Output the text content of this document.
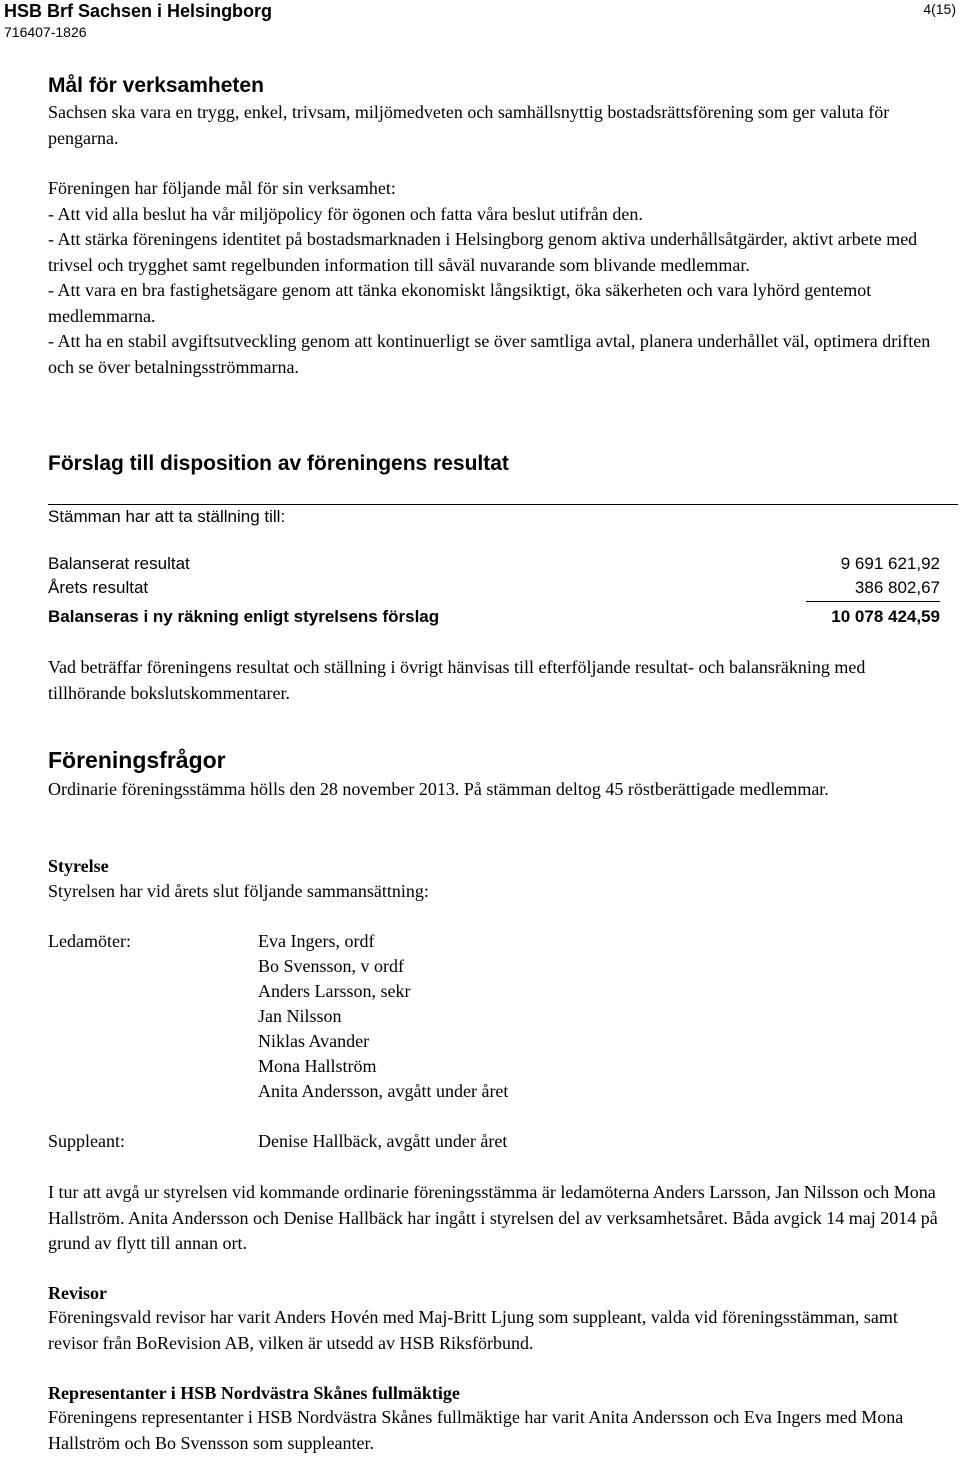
HSB Brf Sachsen i Helsingborg
716407-1826
4(15)
Mål för verksamheten

Sachsen ska vara en trygg, enkel, trivsam, miljömedveten och samhällsnyttig bostadsrättsförening som ger valuta för pengarna.

Föreningen har följande mål för sin verksamhet:

- Att vid alla beslut ha vår miljöpolicy för ögonen och fatta våra beslut utifrån den.
- Att stärka föreningens identitet på bostadsmarknaden i Helsingborg genom aktiva underhållsåtgärder, aktivt arbete med trivsel och trygghet samt regelbunden information till såväl nuvarande som blivande medlemmar.
- Att vara en bra fastighetsägare genom att tänka ekonomiskt långsiktigt, öka säkerheten och vara lyhörd gentemot medlemmarna.
- Att ha en stabil avgiftsutveckling genom att kontinuerligt se över samtliga avtal, planera underhållet väl, optimera driften och se över betalningsströmmarna.
Förslag till disposition av föreningens resultat
Stämman har att ta ställning till:
Balanserat resultat	9 691 621,92
Årets resultat	386 802,67
Balanseras i ny räkning enligt styrelsens förslag	10 078 424,59

Vad beträffar föreningens resultat och ställning i övrigt hänvisas till efterföljande resultat- och balansräkning med tillhörande bokslutskommentarer.

Föreningsfrågor

Ordinarie föreningsstämma hölls den 28 november 2013. På stämman deltog 45 röstberättigade medlemmar.

Styrelse

Styrelsen har vid årets slut följande sammansättning:

Ledamöter:	Eva Ingers, ordf
Bo Svensson, v ordf
Anders Larsson, sekr
Jan Nilsson
Niklas Avander
Mona Hallström
Anita Andersson, avgått under året
Suppleant:	Denise Hallbäck, avgått under året

I tur att avgå ur styrelsen vid kommande ordinarie föreningsstämma är ledamöterna Anders Larsson, Jan Nilsson och Mona Hallström. Anita Andersson och Denise Hallbäck har ingått i styrelsen del av verksamhetsåret. Båda avgick 14 maj 2014 på grund av flytt till annan ort.

Revisor

Föreningsvald revisor har varit Anders Hovén med Maj-Britt Ljung som suppleant, valda vid föreningsstämman, samt revisor från BoRevision AB, vilken är utsedd av HSB Riksförbund.

Representanter i HSB Nordvästra Skånes fullmäktige

Föreningens representanter i HSB Nordvästra Skånes fullmäktige har varit Anita Andersson och Eva Ingers med Mona Hallström och Bo Svensson som suppleanter.
